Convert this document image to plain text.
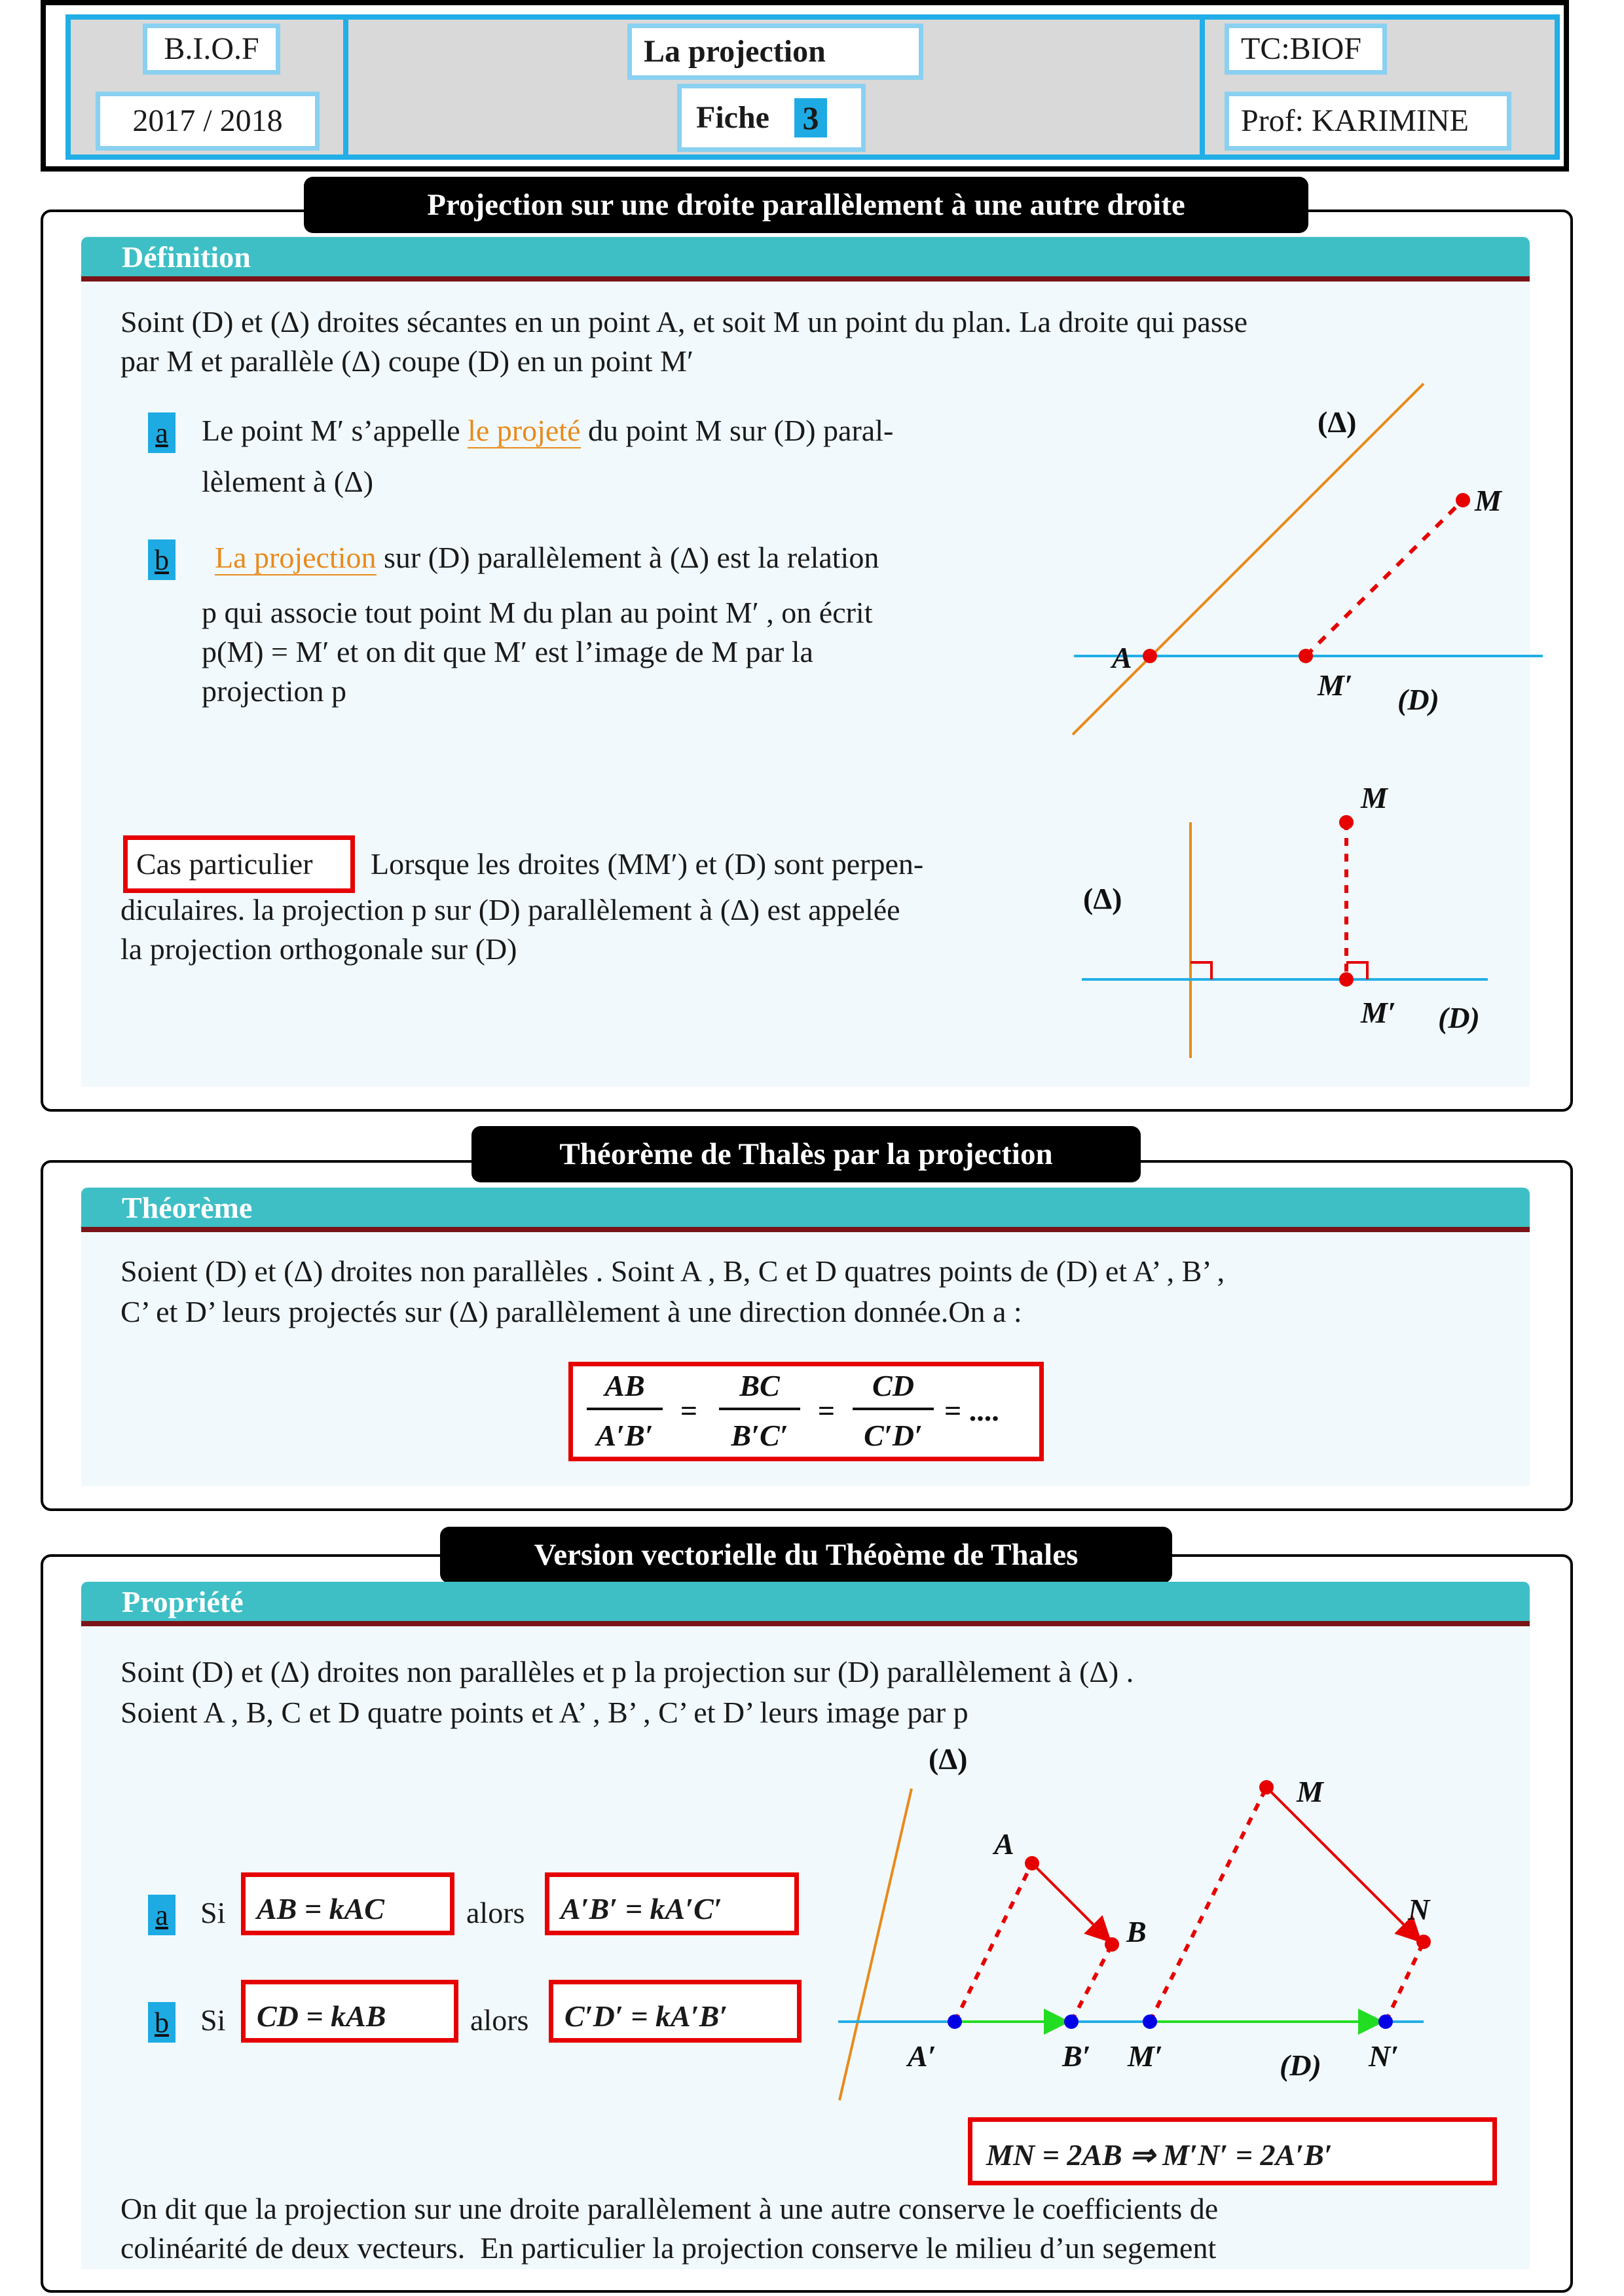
B.I.O.F
2017 / 2018
La projection
Fiche 3
TC:BIOF
Prof: KARIMINE
Projection sur une droite parallèlement à une autre droite
Définition
Soint (D) et (Δ) droites sécantes en un point A, et soit M un point du plan. La droite qui passe
par M et parallèle (Δ) coupe (D) en un point M′
a Le point M′ s’appelle le projeté du point M sur (D) paral-
lèlement à (Δ)
b La projection sur (D) parallèlement à (Δ) est la relation
p qui associe tout point M du plan au point M′ , on écrit
p(M) = M′ et on dit que M′ est l’image de M par la
projection p
Cas particulier Lorsque les droites (MM′) et (D) sont perpen-
diculaires. la projection p sur (D) parallèlement à (Δ) est appelée
la projection orthogonale sur (D)
(Δ)
M
A
M′ (D)
(Δ)
M
M′ (D)
Théorème de Thalès par la projection
Théorème
Soient (D) et (Δ) droites non parallèles . Soint A , B, C et D quatres points de (D) et A’ , B’ ,
C’ et D’ leurs projectés sur (Δ) parallèlement à une direction donnée.On a :
AB
A′B′
=
BC
B′C′
=
CD
C′D′
= ....
Version vectorielle du Théoème de Thales
Propriété
Soint (D) et (Δ) droites non parallèles et p la projection sur (D) parallèlement à (Δ) .
Soient A , B, C et D quatre points et A’ , B’ , C’ et D’ leurs image par p
a Si AB = kAC	alors A′B′ = kA′C′
b Si CD = kAB	alors C′D′ = kA′B′
(Δ)
A
B
M
N
A′	B′ M′	(D) N′
MN = 2AB ⇒ M′N′ = 2A′B′
On dit que la projection sur une droite parallèlement à une autre conserve le coefficients de
colinéarité de deux vecteurs.  En particulier la projection conserve le milieu d’un segement
